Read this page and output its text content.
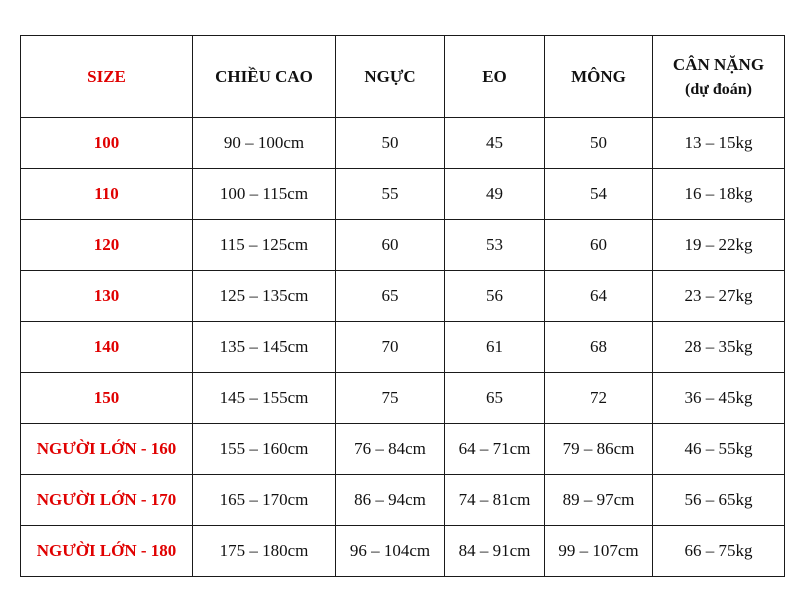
SIZE	CHIỀU CAO	NGỰC	EO	MÔNG	CÂN NẶNG
(dự đoán)

100	90 – 100cm	50	45	50	13 – 15kg
110	100 – 115cm	55	49	54	16 – 18kg
120	115 – 125cm	60	53	60	19 – 22kg
130	125 – 135cm	65	56	64	23 – 27kg
140	135 – 145cm	70	61	68	28 – 35kg
150	145 – 155cm	75	65	72	36 – 45kg
NGƯỜI LỚN - 160	155 – 160cm	76 – 84cm	64 – 71cm	79 – 86cm	46 – 55kg
NGƯỜI LỚN - 170	165 – 170cm	86 – 94cm	74 – 81cm	89 – 97cm	56 – 65kg
NGƯỜI LỚN - 180	175 – 180cm	96 – 104cm	84 – 91cm	99 – 107cm	66 – 75kg
